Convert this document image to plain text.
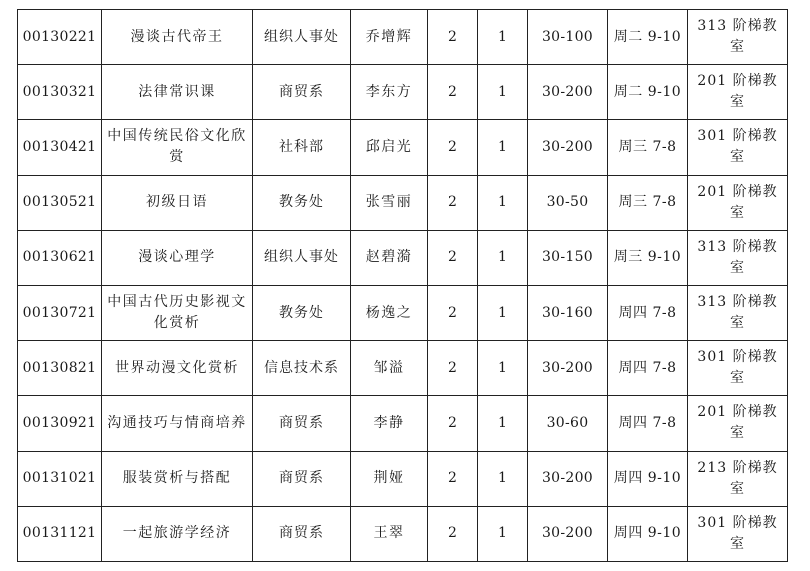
00130221	漫谈古代帝王	组织人事处	乔增辉	2	1	30-100	周二 9-10	313 阶梯教室
00130321	法律常识课	商贸系	李东方	2	1	30-200	周二 9-10	201 阶梯教室
00130421	中国传统民俗文化欣赏	社科部	邱启光	2	1	30-200	周三 7-8	301 阶梯教室
00130521	初级日语	教务处	张雪丽	2	1	30-50	周三 7-8	201 阶梯教室
00130621	漫谈心理学	组织人事处	赵碧漪	2	1	30-150	周三 9-10	313 阶梯教室
00130721	中国古代历史影视文化赏析	教务处	杨逸之	2	1	30-160	周四 7-8	313 阶梯教室
00130821	世界动漫文化赏析	信息技术系	邹溢	2	1	30-200	周四 7-8	301 阶梯教室
00130921	沟通技巧与情商培养	商贸系	李静	2	1	30-60	周四 7-8	201 阶梯教室
00131021	服装赏析与搭配	商贸系	荆娅	2	1	30-200	周四 9-10	213 阶梯教室
00131121	一起旅游学经济	商贸系	王翠	2	1	30-200	周四 9-10	301 阶梯教室
